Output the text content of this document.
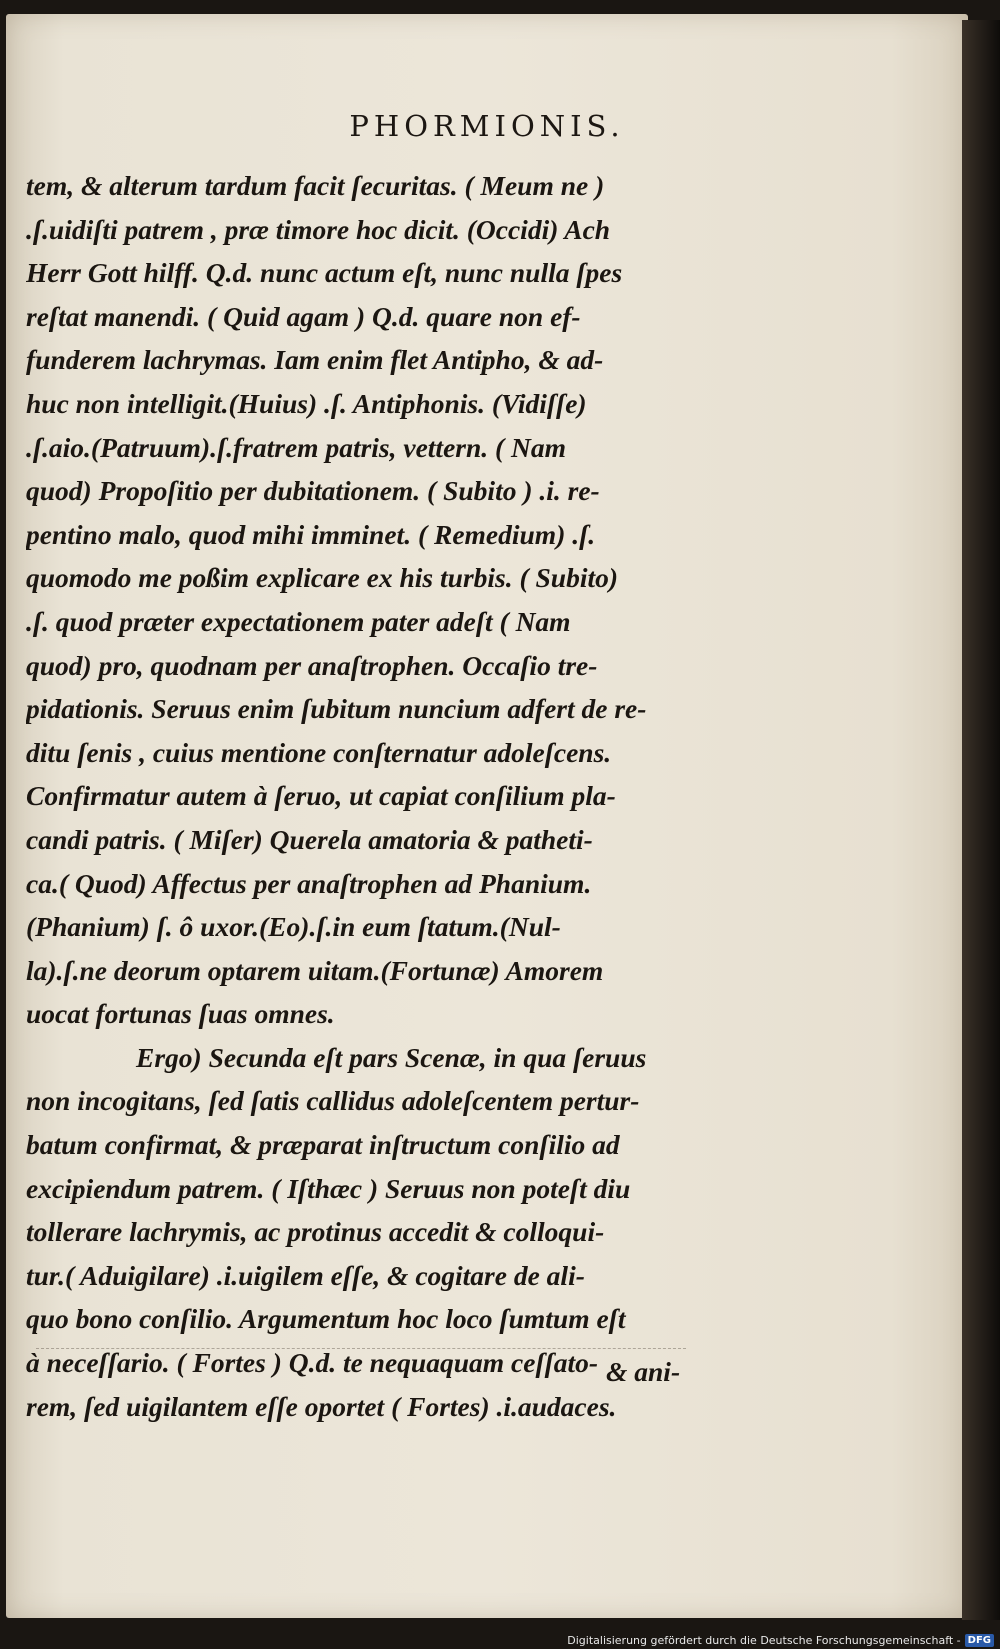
PHORMIONIS.
tem, & alterum tardum facit ſecuritas. ( Meum ne )
.ſ.uidiſti patrem , præ timore hoc dicit. (Occidi) Ach
Herr Gott hilff. Q.d. nunc actum eſt, nunc nulla ſpes
reſtat manendi. ( Quid agam ) Q.d. quare non ef-
funderem lachrymas. Iam enim flet Antipho, & ad-
huc non intelligit.(Huius) .ſ. Antiphonis. (Vidiſſe)
.ſ.aio.(Patruum).ſ.fratrem patris, vettern. ( Nam
quod) Propoſitio per dubitationem. ( Subito ) .i. re-
pentino malo, quod mihi imminet. ( Remedium) .ſ.
quomodo me poßim explicare ex his turbis. ( Subito)
.ſ. quod præter expectationem pater adeſt ( Nam
quod) pro, quodnam per anaſtrophen. Occaſio tre-
pidationis. Seruus enim ſubitum nuncium adfert de re-
ditu ſenis , cuius mentione conſternatur adoleſcens.
Confirmatur autem à ſeruo, ut capiat conſilium pla-
candi patris. ( Miſer) Querela amatoria & patheti-
ca.( Quod) Affectus per anaſtrophen ad Phanium.
(Phanium) ſ. ô uxor.(Eo).ſ.in eum ſtatum.(Nul-
la).ſ.ne deorum optarem uitam.(Fortunæ) Amorem
uocat fortunas ſuas omnes.
Ergo) Secunda eſt pars Scenæ, in qua ſeruus
non incogitans, ſed ſatis callidus adoleſcentem pertur-
batum confirmat, & præparat inſtructum conſilio ad
excipiendum patrem. ( Iſthæc ) Seruus non poteſt diu
tollerare lachrymis, ac protinus accedit & colloqui-
tur.( Aduigilare) .i.uigilem eſſe, & cogitare de ali-
quo bono conſilio. Argumentum hoc loco ſumtum eſt
à neceſſario. ( Fortes ) Q.d. te nequaquam ceſſato-
rem, ſed uigilantem eſſe oportet ( Fortes) .i.audaces.
& ani-
Digitalisierung gefördert durch die Deutsche Forschungsgemeinschaft - DFG
